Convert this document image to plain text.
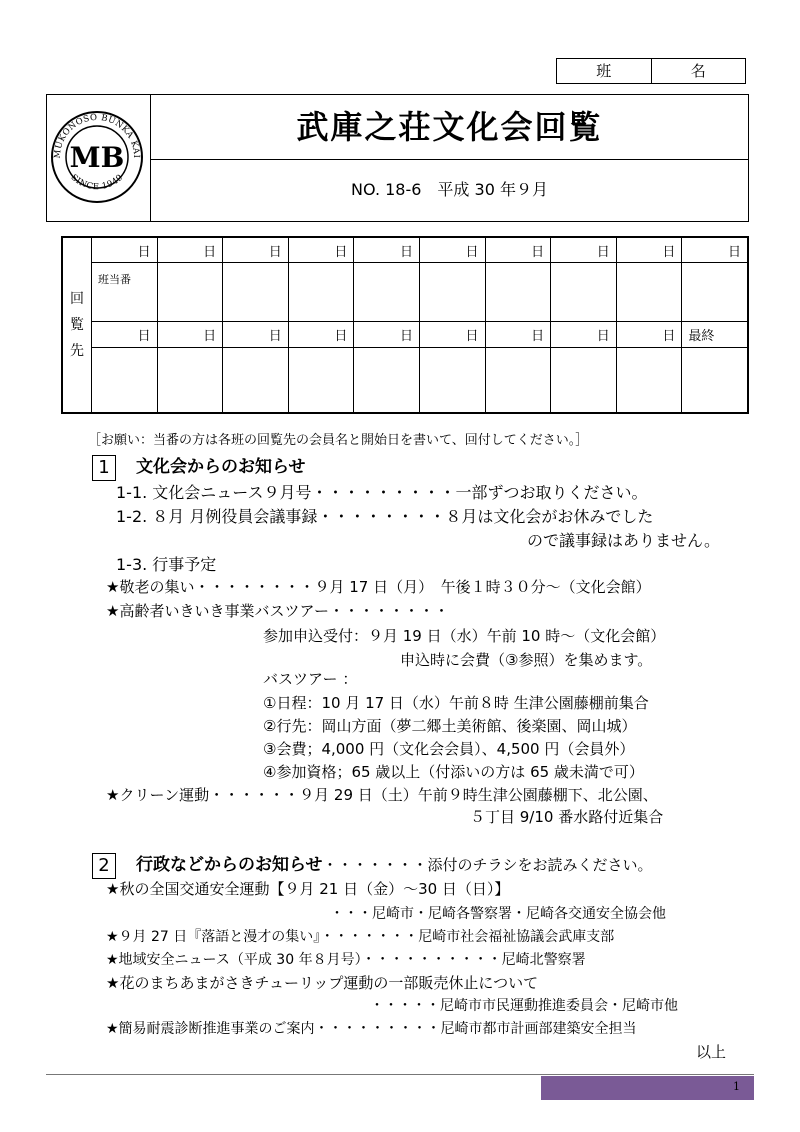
班	名
MUKONOSO BUNKA KAI
SINCE 1949
MB
武庫之荘文化会回覧
NO. 18-6　平成 30 年９月
回
覧
先	日	日	日	日	日	日	日	日	日	日
	班当番									
	日	日	日	日	日	日	日	日	日	最終

［お願い：当番の方は各班の回覧先の会員名と開始日を書いて、回付してください。］
1 文化会からのお知らせ
1-1. 文化会ニュース９月号・・・・・・・・・一部ずつお取りください。
1-2. ８月 月例役員会議事録・・・・・・・・８月は文化会がお休みでした
ので議事録はありません。
1-3. 行事予定
★敬老の集い・・・・・・・・９月 17 日（月）　午後１時３０分～（文化会館）
★高齢者いきいき事業バスツアー・・・・・・・・
参加申込受付：９月 19 日（水）午前 10 時～（文化会館）
申込時に会費（③参照）を集めます。
バスツアー ：
①日程：10 月 17 日（水）午前８時 生津公園藤棚前集合
②行先：岡山方面（夢二郷土美術館、後楽園、岡山城）
③会費；4,000 円（文化会会員）、4,500 円（会員外）
④参加資格；65 歳以上（付添いの方は 65 歳未満で可）
★クリーン運動・・・・・・９月 29 日（土）午前９時生津公園藤棚下、北公園、
５丁目 9/10 番水路付近集合
2 行政などからのお知らせ・・・・・・・添付のチラシをお読みください。
★秋の全国交通安全運動【９月 21 日（金）～30 日（日）】
・・・尼崎市・尼崎各警察署・尼崎各交通安全協会他
★９月 27 日『落語と漫才の集い』・・・・・・・尼崎市社会福祉協議会武庫支部
★地域安全ニュース（平成 30 年８月号）・・・・・・・・・・尼崎北警察署
★花のまちあまがさきチューリップ運動の一部販売休止について
・・・・・尼崎市市民運動推進委員会・尼崎市他
★簡易耐震診断推進事業のご案内・・・・・・・・・尼崎市都市計画部建築安全担当
以上
1
